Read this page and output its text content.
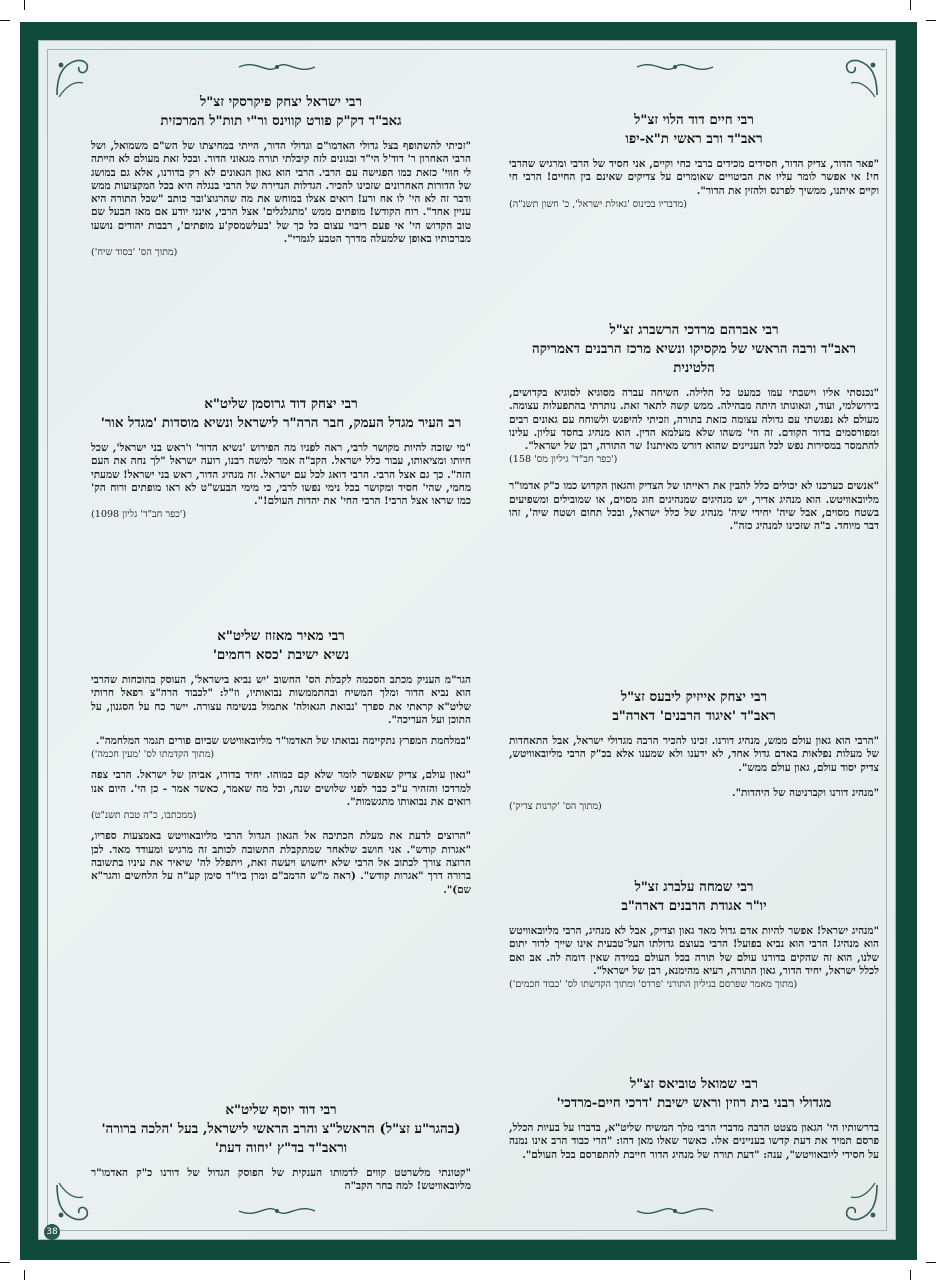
רבי חיים דוד הלוי זצ"ל

ראב"ד ורב ראשי ת"א-יפו

"פאר הדור, צדיק הדור, חסידים מכידים ברבי כחי וקיים, אני חסיד של הרבי ומרגיש שהרבי חי! אי אפשר לומר עליו את הביטויים שאומרים על צדיקים שאינם בין החיים! הרבי חי וקיים איתנו, ממשיך לפרנס ולהזין את הדור".

(מדבריו בכינוס 'גאולת ישראל', כ' חשון תשנ"ה)

רבי אברהם מרדכי הרשברג זצ"ל

ראב"ד ורבה הראשי של מקסיקו ונשיא מרכז הרבנים דאמריקה הלטינית

"נכנסתי אליו וישבתי עמו כמעט כל הלילה. השיחה עברה מסוגיא לסוגיא בקדושים, בירושלמי, ועוד, וגאונותו היתה מבהילה. ממש קשה לתאר זאת. נותרתי בהתפעלות עצומה. מעולם לא נפגשתי עם גדולה עצומה כזאת בתורה, וזכיתי להיפגש ולשוחח עם גאונים רבים ומפורסמים בדור הקודם. זה הי' משהו שלא מעלמא הדין. הוא מנהיג בחסד עליון. עלינו להתמסר במסירות נפש לכל העניינים שהוא דורש מאיתנו! שר התורה, רבן של ישראל".

('כפר חב"ד' גיליון מס' 158)

"אנשים כערכנו לא יכולים כלל להבין את ראייתו של הצדיק והגאון הקדוש כמו כ"ק אדמו"ר מליובאוויטש. הוא מנהיג אדיר, יש מנהיגים שמנהיגים חוג מסוים, או שמובילים ומשפיעים בשטח מסוים, אבל שיה' יחידי שיה' מנהיג של כלל ישראל, ובכל תחום ושטח שיה', זהו דבר מיוחד. ב"ה שזכינו למנהיג כזה".

רבי יצחק אייזיק ליבעס זצ"ל

ראב"ד 'איגוד הרבנים' דארה"ב

"הרבי הוא גאון עולם ממש, מנהיג דורנו. זכינו להכיר הרבה מגדולי ישראל, אבל התאחדות של מעלות נפלאות באדם גדול אחד, לא ידענו ולא שמענו אלא בכ"ק הרבי מליובאוויטש, צדיק יסוד עולם, גאון עולם ממש".

"מנהיג דורנו וקברניטה של היהדות".

(מתוך הס' 'קרנות צדיק')

רבי שמחה עלברג זצ"ל

יו"ר אגודת הרבנים דארה"ב

"מנהיג ישראל! אפשר להיות אדם גדול מאד גאון וצדיק, אבל לא מנהיג, הרבי מליובאוויטש הוא מנהיג! הרבי הוא נביא בפועל! הרבי בעוצם גדולתו העל־טבעית אינו שייך לדור יתום שלנו, הוא זה שהקים בדורנו עולם של תורה בכל העולם במידה שאין דומה לה. אב ואם לכלל ישראל, יחיד הדור, גאון התורה, רעיא מהימנא, רבן של ישראל".

(מתוך מאמר שפרסם בגיליון התורני 'פרדס' ומתוך הקדשתו לס' 'כבוד חכמים')

רבי שמואל טוביאס זצ"ל

מגדולי רבני בית רוזין וראש ישיבת 'דרכי חיים-מרדכי'

בדרשותיו הי' הגאון מצטט הרבה מדברי הרבי מלך המשיח שליט"א, בדברו על בעיות הכלל, פרסם תמיד את דעת קדשו בעניינים אלו. כאשר שאלו מאן דהו: "הרי כבוד הרב אינו נמנה על חסידי ליובאוויטש", ענה: "דעת תורה של מנהיג הדור חייבת להתפרסם בכל העולם".

רבי ישראל יצחק פיקרסקי זצ"ל

גאב"ד דק"ק פורט קווינס ור"י תות"ל המרכזית

"זכיתי להשתופף בצל גדולי האדמו"ם וגדולי הדור, הייתי במחיצתו של הש"ם משמואל, ושל הרבי האחרון ר' דוד'ל הי"ד ובגונים לזה קיבלתי תורה מגאוני הדור. ובכל זאת מעולם לא הייתה לי חווי' כזאת כמו הפגישה עם הרבי. הרבי הוא גאון הגאונים לא רק בדורנו, אלא גם במושג של הדורות האחרונים שזכינו להכיר. הגדלות הנדירה של הרבי בנגלה היא בכל המקצועות ממש ודבר זה לא הי' לו אח ורע! רואים אצלו במוחש את מה שהרגוצ'ובר כותב "שכל התורה היא עניין אחד". רוח הקודש! מופתים ממש 'מתגלגלים' אצל הרבי, אינני יודע אם מאז הבעל שם טוב הקדוש הי' אי פעם ריבוי עצום כל כך של 'בעלשמסק'ע מופתים', רבבות יהודים נושעו מברכותיו באופן שלמעלה מדרך הטבע לגמרי".

(מתוך הס' 'בסוד שיח')

רבי יצחק דוד גרוסמן שליט"א

רב העיר מגדל העמק, חבר הרה"ר לישראל ונשיא מוסדות 'מגדל אור'

"מי שזכה להיות מקושר לרבי, ראה לפניו מה הפירוש 'נשיא הדור' ו'ראש בני ישראל', שכל חיותו ומציאותו, עבור כלל ישראל. הקב"ה אמר למשה רבנו, רועה ישראל "לך נחה את העם הזה". כך גם אצל הרבי. הרבי דואג לכל עם ישראל. זה מנהיג הדור, ראש בני ישראל! שמעתי מחמי, שהי' חסיד ומקושר בכל נימי נפשו לרבי, כי מימי הבעש"ט לא ראו מופתים ורוח הק' כמו שראו אצל הרבי! הרבי החי' את יהדות העולם!".

('כפר חב"ד' גליון 1098)

רבי מאיר מאזוז שליט"א

נשיא ישיבת 'כסא רחמים'

הגר"מ העניק מכתב הסכמה לקבלת הס' החשוב 'יש נביא בישראל', העוסק בהוכחות שהרבי הוא נביא הדור ומלך המשיח ובהתממשות נבואותיו, וז"ל: "לכבוד הרה"צ רפאל חרותי שליט"א קראתי את ספרך 'נבואת הגאולה' אתמול בנשימה עצורה. יישר כח על הסגנון, על התוכן ועל העריכה".

"במלחמת המפרץ נתקיימה נבואתו של האדמו"ר מליובאוויטש שביום פורים תגמר המלחמה".

(מתוך הקדמתו לס' 'מעין חכמה')

"גאון עולם, צדיק שאפשר לומר שלא קם כמוהו. יחיד בדורו, אביהן של ישראל. הרבי צפה למרדכו והזהיר ע"כ כבר לפני שלושים שנה, וכל מה שאמר, כאשר אמר - כן הי'. היום אנו רואים את נבואותו מתגשמות".

(ממכתבו, כ"ה טבת תשנ"ט)

"הרוצים לדעת את מעלת הכתיבה אל הגאון הגדול הרבי מליובאוויטש באמצעות ספריו, "אגרות קודש". אני חושב שלאחר שמתקבלת התשובה לכותב זה מרגיש ומעודד מאד. לכן הרוצה צורך לכתוב אל הרבי שלא יחשוש ויעשה זאת, ויתפלל לה' שיאיר את עיניו בתשובה ברורה דרך "אגרות קודש". (ראה מ"ש הרמב"ם ומרן ביו"ד סימן קע"ה על הלחשים והגר"א שם)".

רבי דוד יוסף שליט"א

(בהגר"ע זצ"ל) הראשל"צ והרב הראשי לישראל, בעל 'הלכה ברורה' וראב"ד בד"ץ 'יחוה דעת'

"קטונתי מלשרטט קווים לדמותו הענקית של הפוסק הגדול של דורנו כ"ק האדמו"ר מליובאוויטש! למה בחר הקב"ה

38
